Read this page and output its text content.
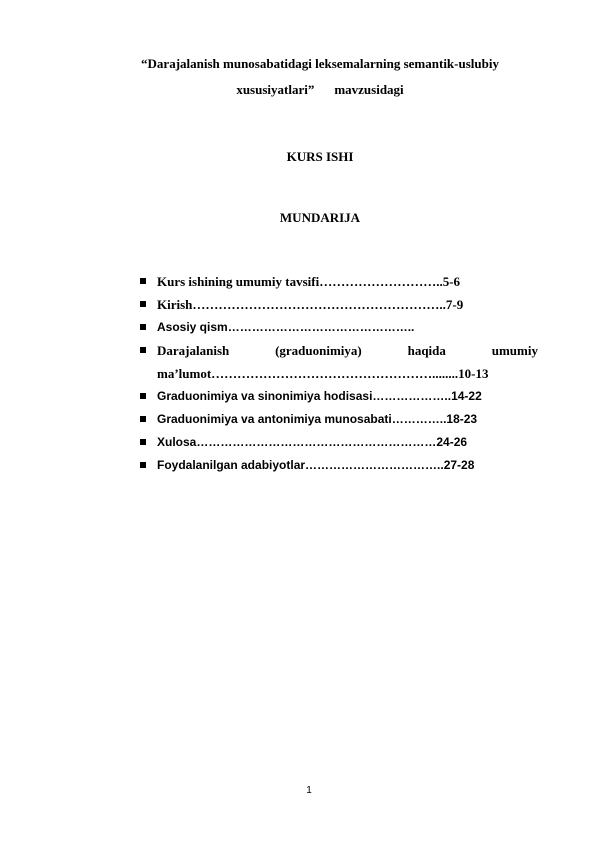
“Darajalanish munosabatidagi leksemalarning semantik-uslubiy
xususiyatlari” mavzusidagi
KURS ISHI
MUNDARIJA
Kurs ishining umumiy tavsifi………………………..5-6
Kirish…………………………………………………..7-9
Asosiy qism………………………………………..
Darajalanish	(graduonimiya)	haqida	umumiy
ma’lumot……………………………………………........10-13
Graduonimiya va sinonimiya hodisasi………………..14-22
Graduonimiya va antonimiya munosabati…………..18-23
Xulosa……………………………………………………24-26
Foydalanilgan adabiyotlar……………………………..27-28
1
